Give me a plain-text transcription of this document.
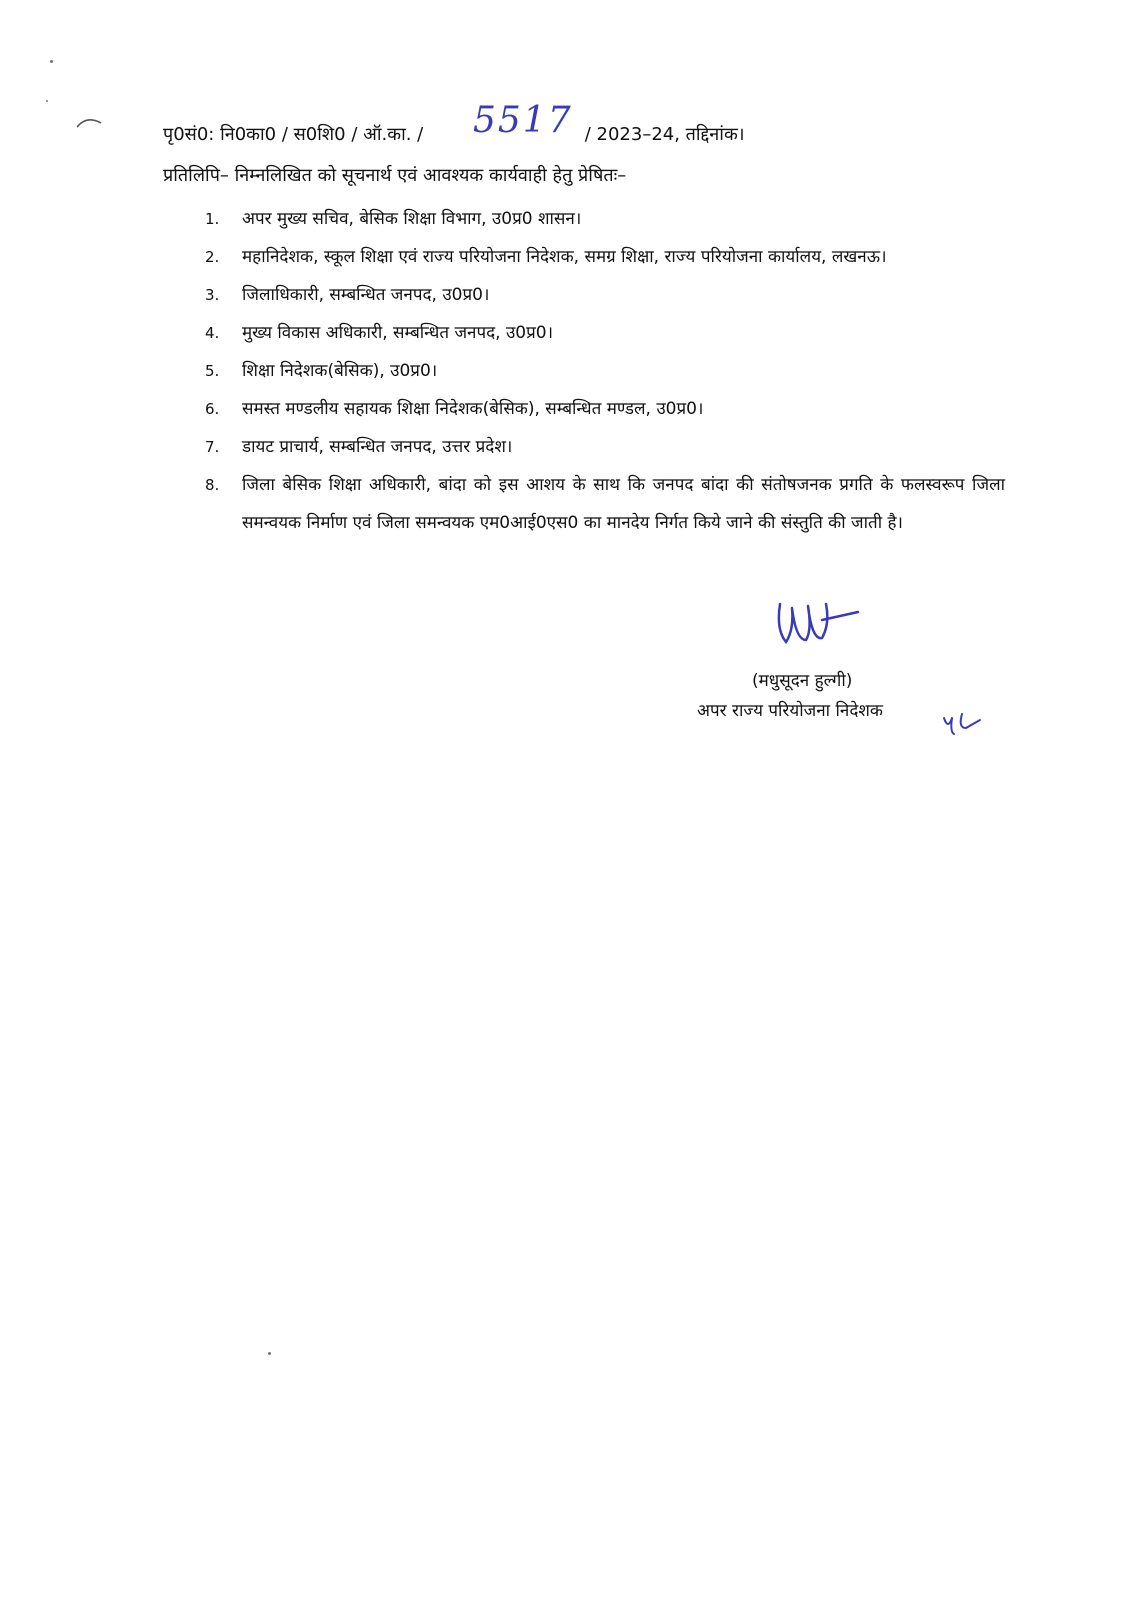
पृ0सं0: नि0का0 / स0शि0 / ऑ.का. /	/ 2023–24, तद्दिनांक।
5517
प्रतिलिपि– निम्नलिखित को सूचनार्थ एवं आवश्यक कार्यवाही हेतु प्रेषितः–
1. अपर मुख्य सचिव, बेसिक शिक्षा विभाग, उ0प्र0 शासन।
2. महानिदेशक, स्कूल शिक्षा एवं राज्य परियोजना निदेशक, समग्र शिक्षा, राज्य परियोजना कार्यालय, लखनऊ।
3. जिलाधिकारी, सम्बन्धित जनपद, उ0प्र0।
4. मुख्य विकास अधिकारी, सम्बन्धित जनपद, उ0प्र0।
5. शिक्षा निदेशक(बेसिक), उ0प्र0।
6. समस्त मण्डलीय सहायक शिक्षा निदेशक(बेसिक), सम्बन्धित मण्डल, उ0प्र0।
7. डायट प्राचार्य, सम्बन्धित जनपद, उत्तर प्रदेश।
8. जिला बेसिक शिक्षा अधिकारी, बांदा को इस आशय के साथ कि जनपद बांदा की संतोषजनक प्रगति के फलस्वरूप जिला समन्वयक निर्माण एवं जिला समन्वयक एम0आई0एस0 का मानदेय निर्गत किये जाने की संस्तुति की जाती है।
(मधुसूदन हुल्गी)
अपर राज्य परियोजना निदेशक
